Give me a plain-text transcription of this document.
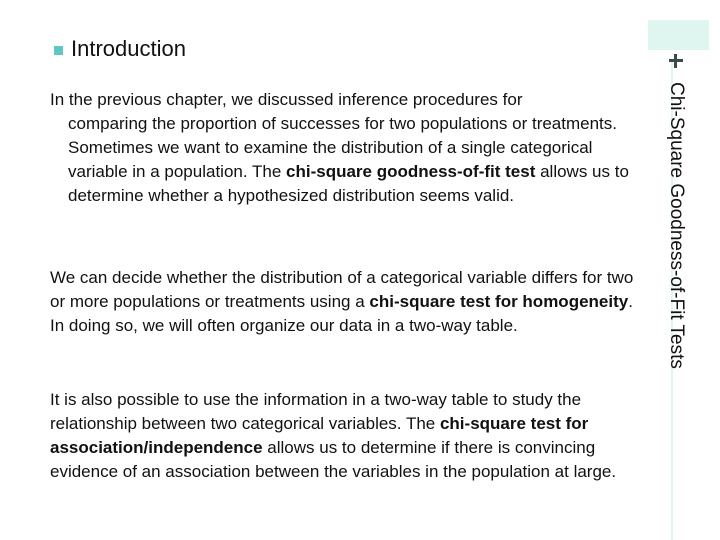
Introduction
Chi-Square Goodness-of-Fit Tests

In the previous chapter, we discussed inference procedures for
comparing the proportion of successes for two populations or treatments. Sometimes we want to examine the distribution of a single categorical variable in a population. The chi-square goodness-of-fit test allows us to determine whether a hypothesized distribution seems valid.

We can decide whether the distribution of a categorical variable differs for two or more populations or treatments using a chi-square test for homogeneity. In doing so, we will often organize our data in a two-way table.

It is also possible to use the information in a two-way table to study the relationship between two categorical variables. The chi-square test for association/independence allows us to determine if there is convincing evidence of an association between the variables in the population at large.
